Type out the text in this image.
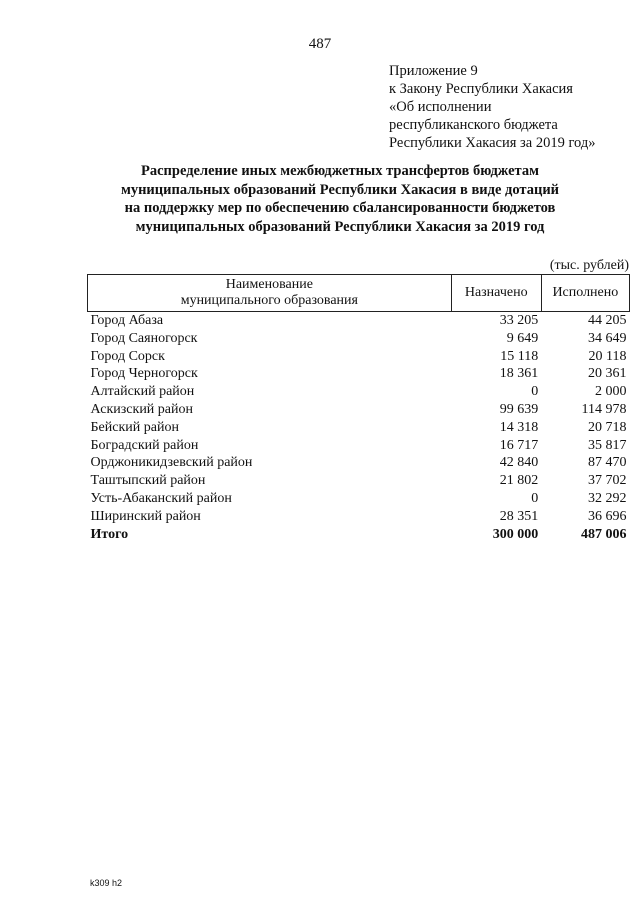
487
Приложение 9
к Закону Республики Хакасия
«Об исполнении
республиканского бюджета
Республики Хакасия за 2019 год»
Распределение иных межбюджетных трансфертов бюджетам
муниципальных образований Республики Хакасия в виде дотаций
на поддержку мер по обеспечению сбалансированности бюджетов
муниципальных образований Республики Хакасия за 2019 год
(тыс. рублей)
Наименование
муниципального образования	Назначено	Исполнено
Город Абаза	33 205	44 205
Город Саяногорск	9 649	34 649
Город Сорск	15 118	20 118
Город Черногорск	18 361	20 361
Алтайский район	0	2 000
Аскизский район	99 639	114 978
Бейский район	14 318	20 718
Боградский район	16 717	35 817
Орджоникидзевский район	42 840	87 470
Таштыпский район	21 802	37 702
Усть-Абаканский район	0	32 292
Ширинский район	28 351	36 696
Итого	300 000	487 006
k309 h2
